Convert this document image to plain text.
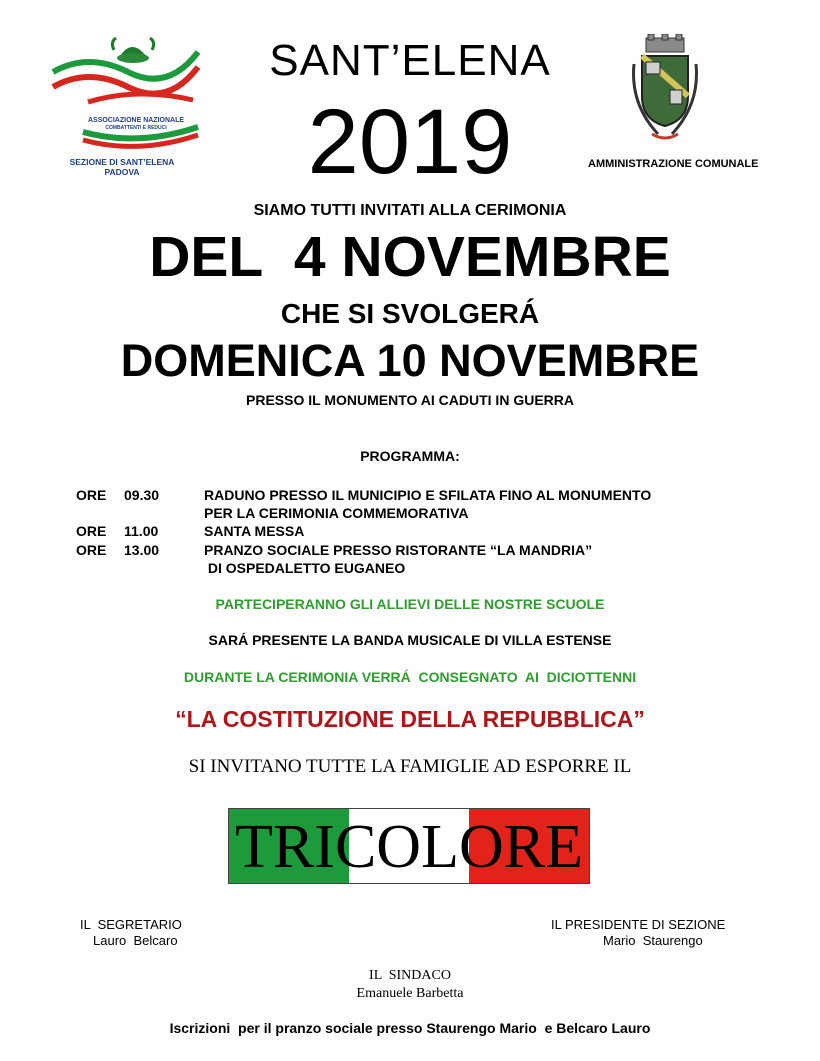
ASSOCIAZIONE NAZIONALE
COMBATTENTI E REDUCI
SEZIONE DI SANT’ELENA
PADOVA
SANT’ELENA
2019	AMMINISTRAZIONE COMUNALE
SIAMO TUTTI INVITATI ALLA CERIMONIA
DEL  4 NOVEMBRE
CHE SI SVOLGERÁ
DOMENICA 10 NOVEMBRE
PRESSO IL MONUMENTO AI CADUTI IN GUERRA
PROGRAMMA:
ORE 09.30	RADUNO PRESSO IL MUNICIPIO E SFILATA FINO AL MONUMENTO
PER LA CERIMONIA COMMEMORATIVA
ORE 11.00	SANTA MESSA
ORE 13.00	PRANZO SOCIALE PRESSO RISTORANTE “LA MANDRIA”
DI OSPEDALETTO EUGANEO
PARTECIPERANNO GLI ALLIEVI DELLE NOSTRE SCUOLE
SARÁ PRESENTE LA BANDA MUSICALE DI VILLA ESTENSE
DURANTE LA CERIMONIA VERRÁ  CONSEGNATO  AI  DICIOTTENNI
“LA COSTITUZIONE DELLA REPUBBLICA”
SI INVITANO TUTTE LA FAMIGLIE AD ESPORRE IL
TRICOLORE
IL  SEGRETARIO
Lauro  Belcaro
IL PRESIDENTE DI SEZIONE
Mario  Staurengo
IL  SINDACO
Emanuele Barbetta
Iscrizioni  per il pranzo sociale presso Staurengo Mario  e Belcaro Lauro
